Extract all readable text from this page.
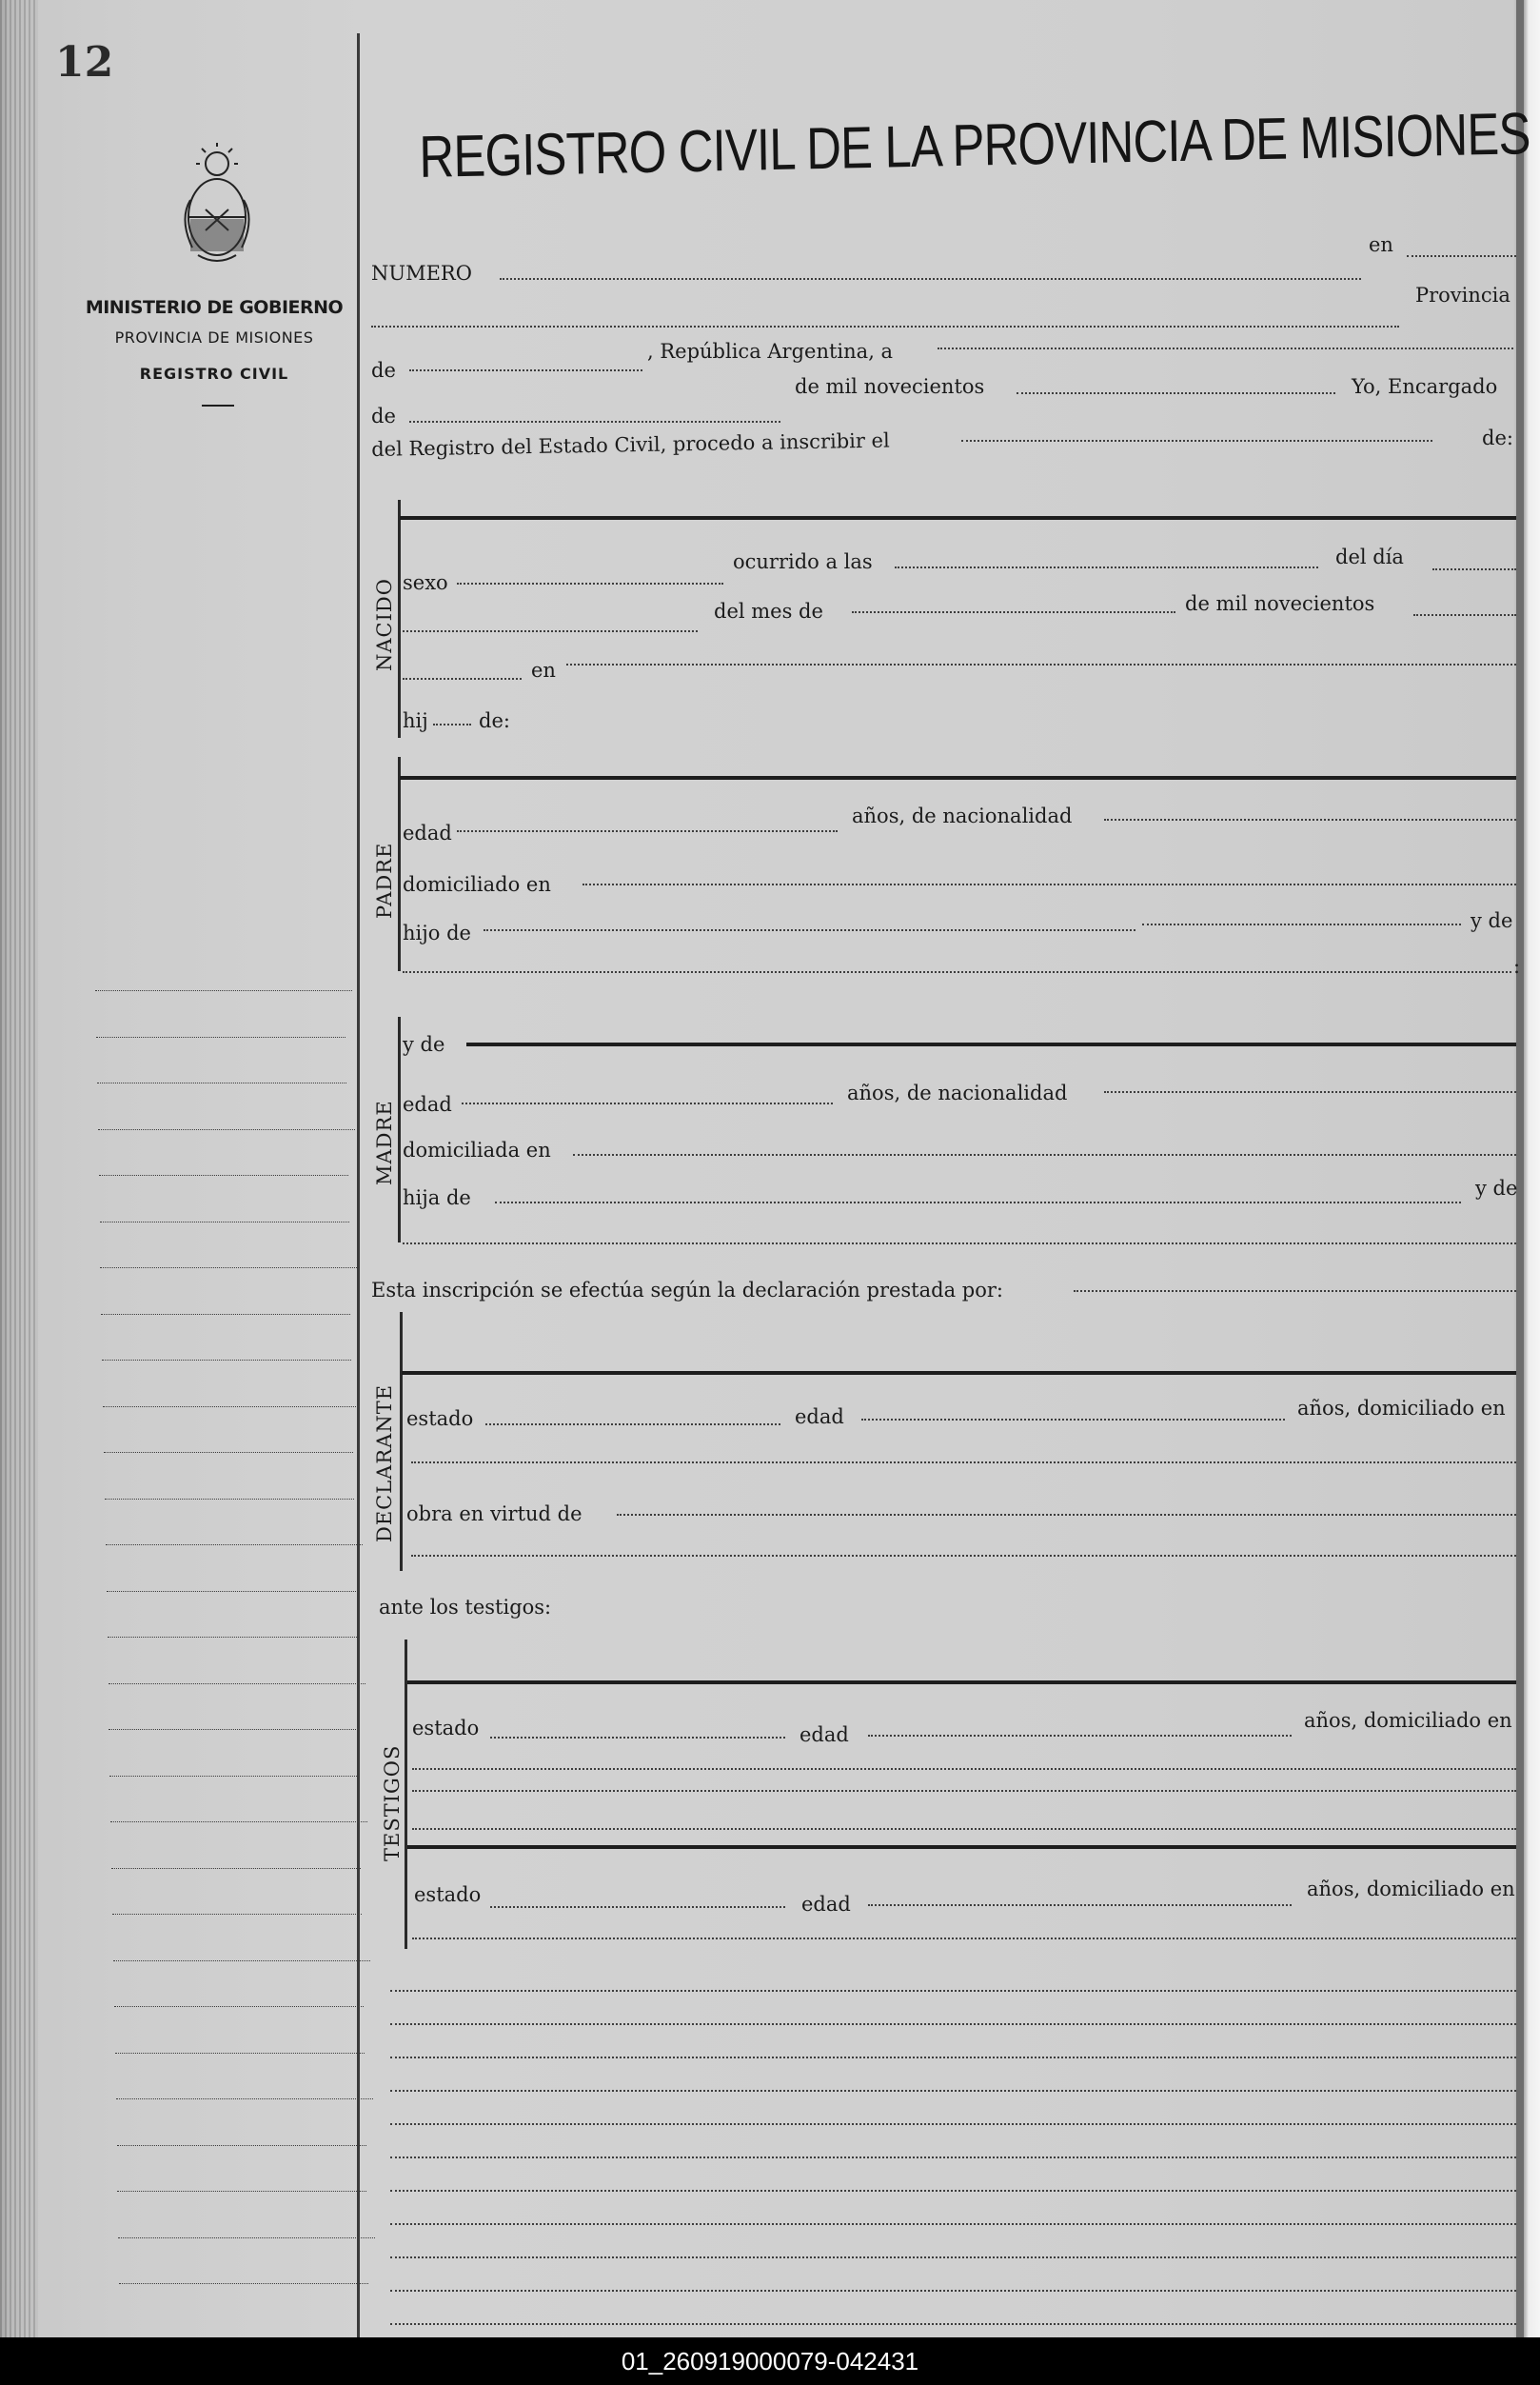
12
MINISTERIO DE GOBIERNO
PROVINCIA DE MISIONES
REGISTRO CIVIL
REGISTRO CIVIL DE LA PROVINCIA DE MISIONES
NUMERO
en
Provincia
de
, República Argentina, a
de
de mil novecientos	Yo, Encargado
del Registro del Estado Civil, procedo a inscribir el	de:
NACIDO sexo
ocurrido a las	del día
del mes de	de mil novecientos
en
hij	de:
PADRE
edad
años, de nacionalidad
domiciliado en
hijo de
y de
:
MADRE
y de
edad	años, de nacionalidad
domiciliada en
hija de	y de
Esta inscripción se efectúa según la declaración prestada por:
DECLARANTE estado	edad	años, domiciliado en
obra en virtud de
ante los testigos:
TESTIGOS
estado	edad
años, domiciliado en
estado	edad
años, domiciliado en
01_260919000079-042431
